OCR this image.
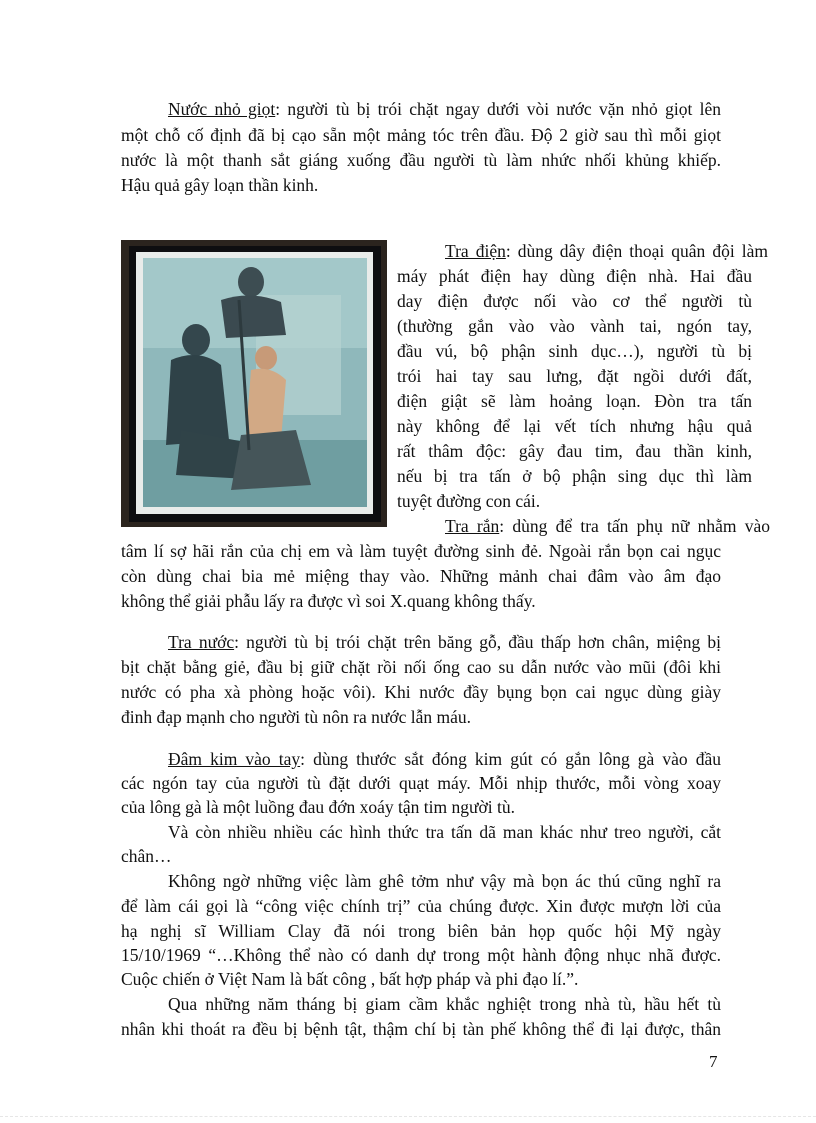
Nước nhỏ giọt: người tù bị trói chặt ngay dưới vòi nước vặn nhỏ giọt lên
một chỗ cố định đã bị cạo sẵn một mảng tóc trên đầu. Độ 2 giờ sau thì mỗi giọt
nước là một thanh sắt giáng xuống đầu người tù làm nhức nhối khủng khiếp.
Hậu quả gây loạn thần kinh.
Tra điện: dùng dây điện thoại quân đội làm
máy phát điện hay dùng điện nhà. Hai đầu
day điện được nối vào cơ thể người tù
(thường gắn vào vào vành tai, ngón tay,
đầu vú, bộ phận sinh dục…), người tù bị
trói hai tay sau lưng, đặt ngồi dưới đất,
điện giật sẽ làm hoảng loạn. Đòn tra tấn
này không để lại vết tích nhưng hậu quả
rất thâm độc: gây đau tim, đau thần kinh,
nếu bị tra tấn ở bộ phận sing dục thì làm
tuyệt đường con cái.
Tra rắn: dùng để tra tấn phụ nữ nhằm vào
tâm lí sợ hãi rắn của chị em và làm tuyệt đường sinh đẻ. Ngoài rắn bọn cai ngục
còn dùng chai bia mẻ miệng thay vào. Những mảnh chai đâm vào âm đạo
không thể giải phẫu lấy ra được vì soi X.quang không thấy.
Tra nước: người tù bị trói chặt trên băng gỗ, đầu thấp hơn chân, miệng bị
bịt chặt bằng giẻ, đầu bị giữ chặt rồi nối ống cao su dẫn nước vào mũi (đôi khi
nước có pha xà phòng hoặc vôi). Khi nước đầy bụng bọn cai ngục dùng giày
đinh đạp mạnh cho người tù nôn ra nước lẫn máu.
Đâm kim vào tay: dùng thước sắt đóng kim gút có gắn lông gà vào đầu
các ngón tay của người tù đặt dưới quạt máy. Mỗi nhịp thước, mỗi vòng xoay
của lông gà là một luồng đau đớn xoáy tận tim người tù.
Và còn nhiều nhiều các hình thức tra tấn dã man khác như treo người, cắt
chân…
Không ngờ những việc làm ghê tởm như vậy mà bọn ác thú cũng nghĩ ra
để làm cái gọi là “công việc chính trị” của chúng được. Xin được mượn lời của
hạ nghị sĩ William Clay đã nói trong biên bản họp quốc hội Mỹ ngày
15/10/1969 “…Không thể nào có danh dự trong một hành động nhục nhã được.
Cuộc chiến ở Việt Nam là bất công , bất hợp pháp và phi đạo lí.”.
Qua những năm tháng bị giam cầm khắc nghiệt trong nhà tù, hầu hết tù
nhân khi thoát ra đều bị bệnh tật, thậm chí bị tàn phế không thể đi lại được, thân
7
